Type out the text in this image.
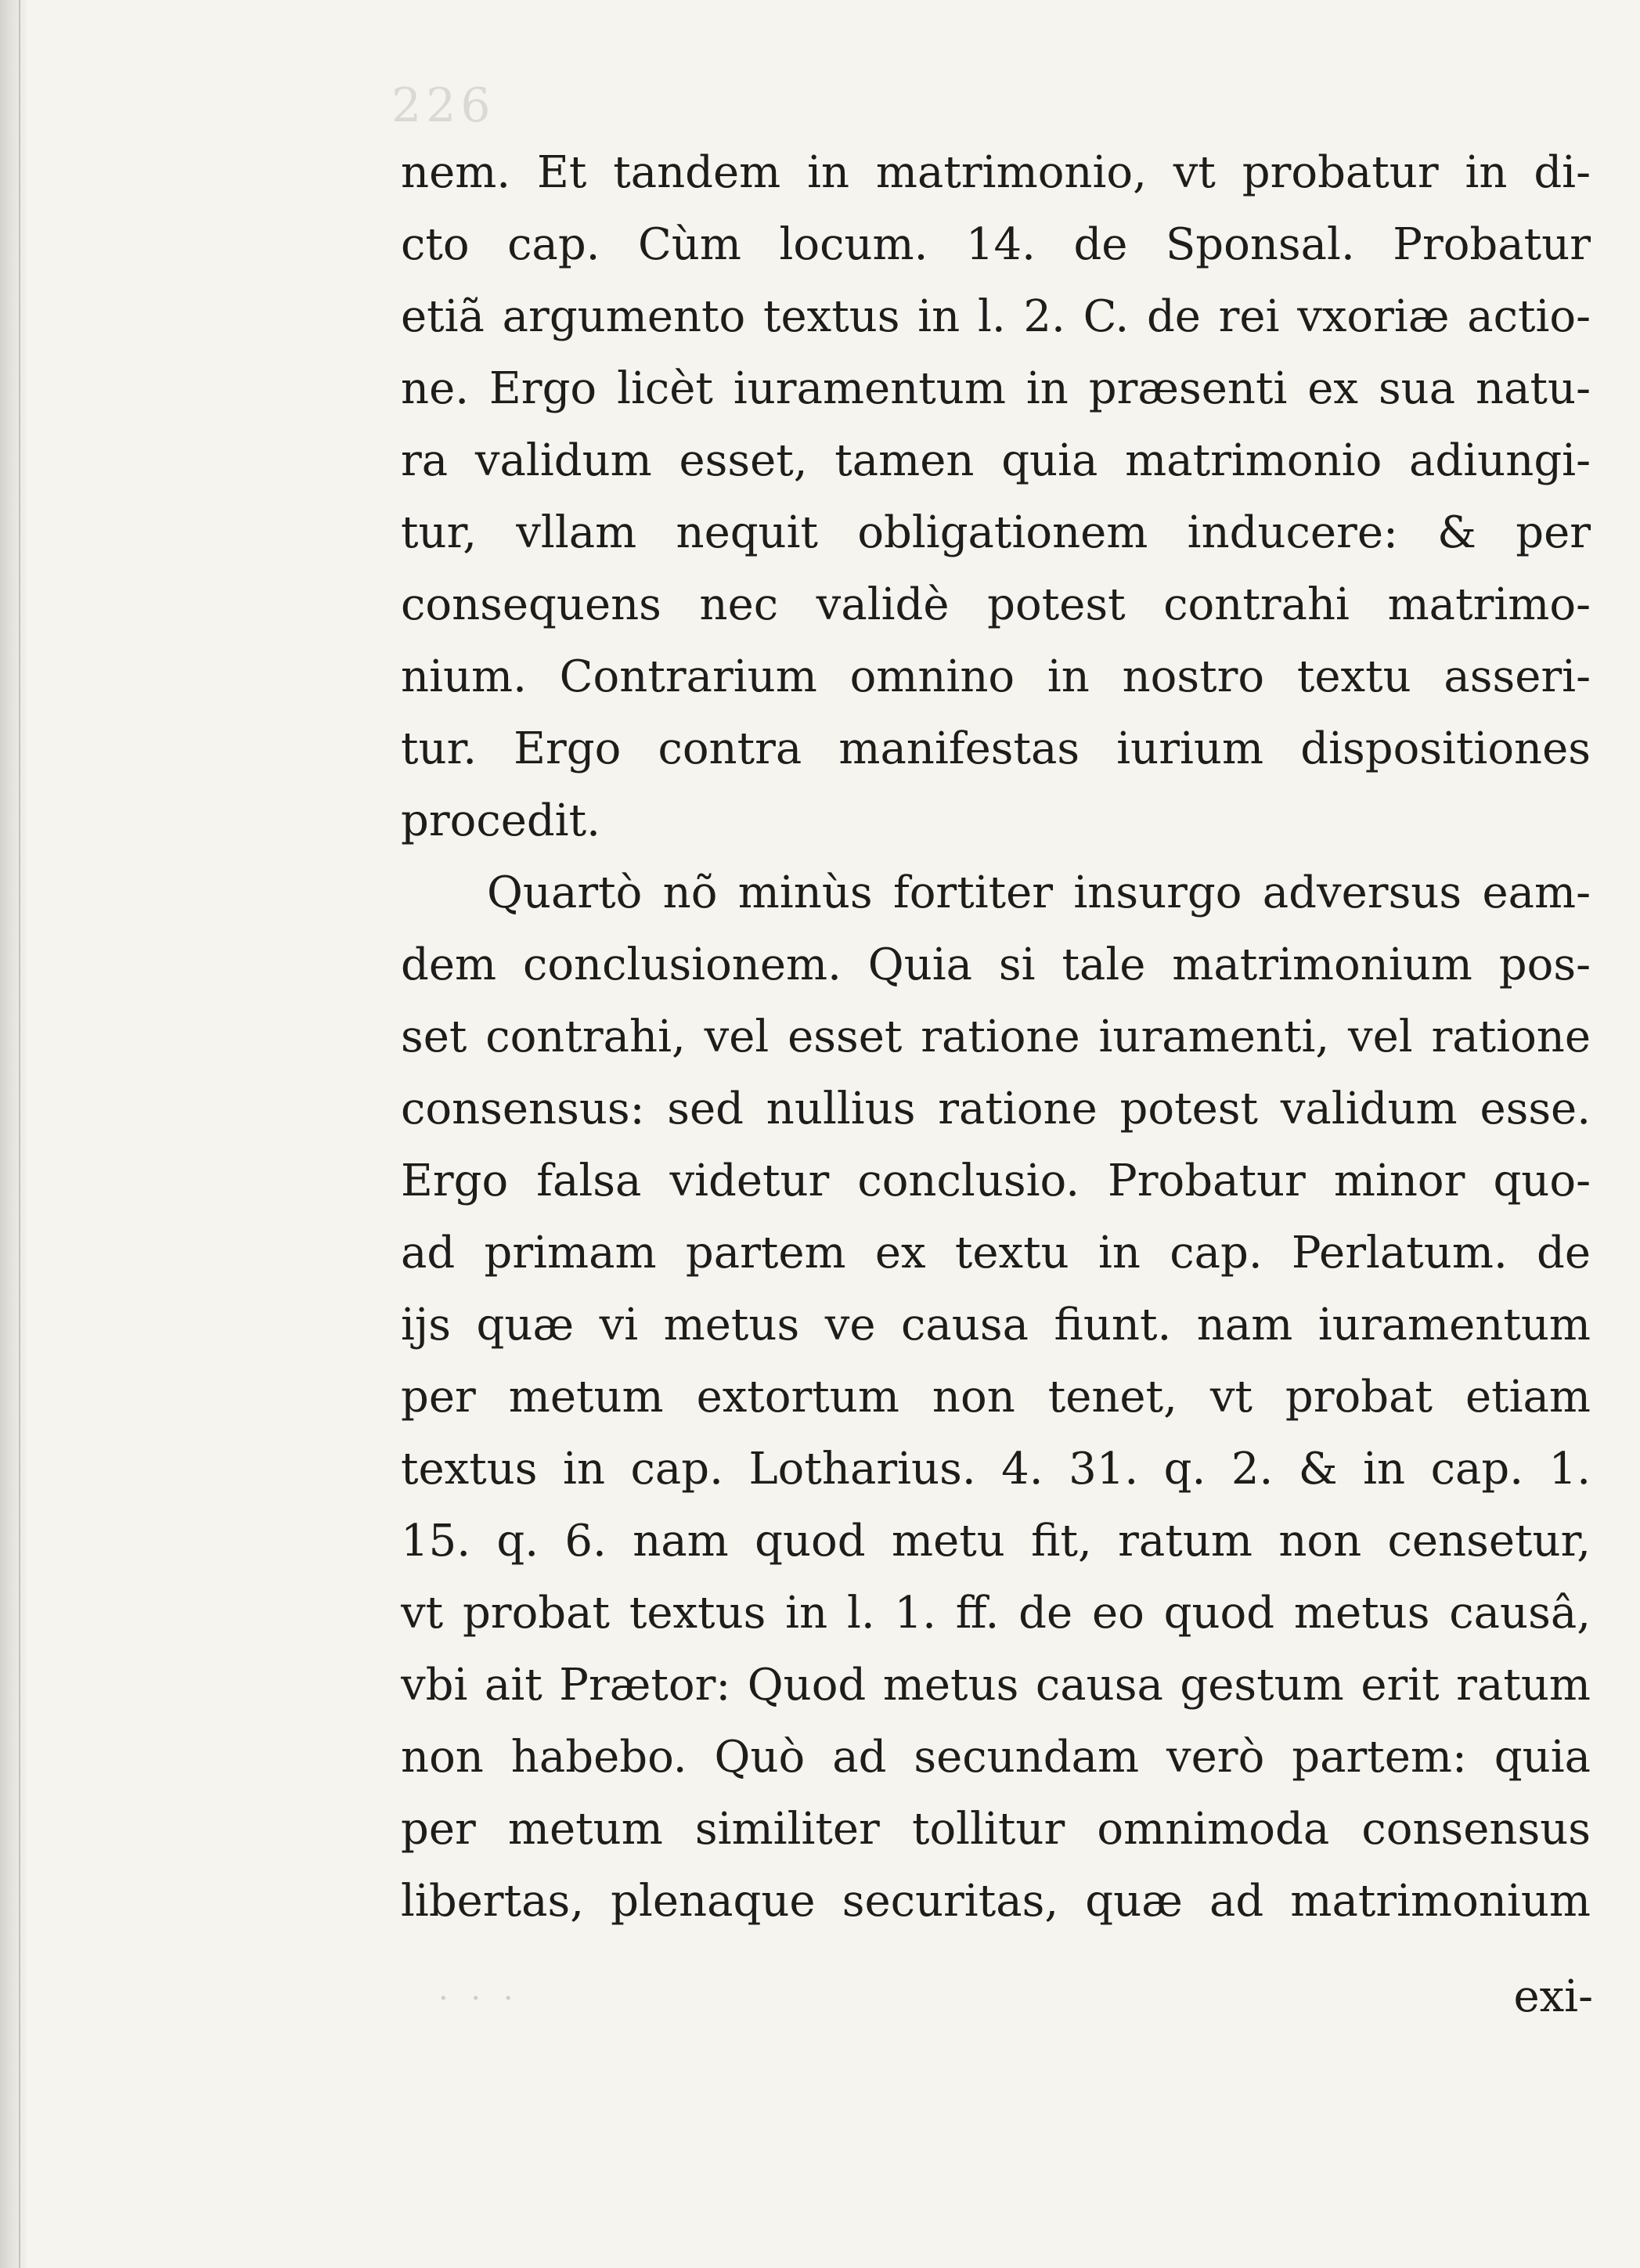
226
nem. Et tandem in matrimonio, vt probatur in di-
cto cap. Cùm locum. 14. de Sponsal. Probatur
etiã argumento textus in l. 2. C. de rei vxoriæ actio-
ne. Ergo licèt iuramentum in præsenti ex sua natu-
ra validum esset, tamen quia matrimonio adiungi-
tur, vllam nequit obligationem inducere: & per
consequens nec validè potest contrahi matrimo-
nium. Contrarium omnino in nostro textu asseri-
tur. Ergo contra manifestas iurium dispositiones
procedit.
Quartò nõ minùs fortiter insurgo adversus eam-
dem conclusionem. Quia si tale matrimonium pos-
set contrahi, vel esset ratione iuramenti, vel ratione
consensus: sed nullius ratione potest validum esse.
Ergo falsa videtur conclusio. Probatur minor quo-
ad primam partem ex textu in cap. Perlatum. de
ijs quæ vi metus ve causa fiunt. nam iuramentum
per metum extortum non tenet, vt probat etiam
textus in cap. Lotharius. 4. 31. q. 2. & in cap. 1.
15. q. 6. nam quod metu fit, ratum non censetur,
vt probat textus in l. 1. ff. de eo quod metus causâ,
vbi ait Prætor: Quod metus causa gestum erit ratum
non habebo. Quò ad secundam verò partem: quia
per metum similiter tollitur omnimoda consensus
libertas, plenaque securitas, quæ ad matrimonium
exi-
· · ·
